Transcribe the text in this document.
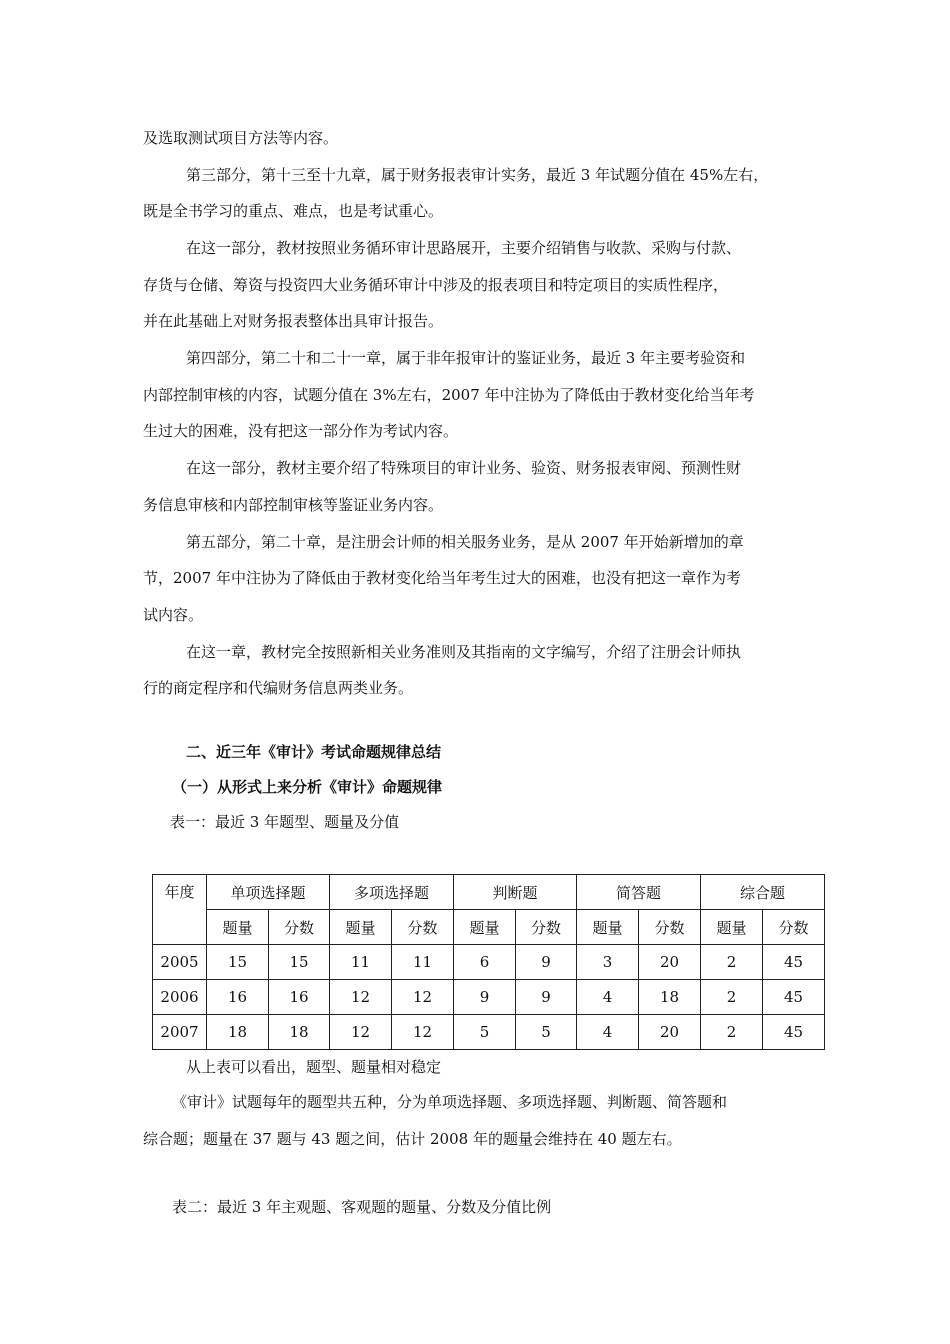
及选取测试项目方法等内容。

第三部分，第十三至十九章，属于财务报表审计实务，最近 3 年试题分值在 45%左右，

既是全书学习的重点、难点，也是考试重心。

在这一部分，教材按照业务循环审计思路展开，主要介绍销售与收款、采购与付款、

存货与仓储、筹资与投资四大业务循环审计中涉及的报表项目和特定项目的实质性程序，

并在此基础上对财务报表整体出具审计报告。

第四部分，第二十和二十一章，属于非年报审计的鉴证业务，最近 3 年主要考验资和

内部控制审核的内容，试题分值在 3%左右，2007 年中注协为了降低由于教材变化给当年考

生过大的困难，没有把这一部分作为考试内容。

在这一部分，教材主要介绍了特殊项目的审计业务、验资、财务报表审阅、预测性财

务信息审核和内部控制审核等鉴证业务内容。

第五部分，第二十章，是注册会计师的相关服务业务，是从 2007 年开始新增加的章

节，2007 年中注协为了降低由于教材变化给当年考生过大的困难，也没有把这一章作为考

试内容。

在这一章，教材完全按照新相关业务准则及其指南的文字编写，介绍了注册会计师执

行的商定程序和代编财务信息两类业务。

二、近三年《审计》考试命题规律总结

（一）从形式上来分析《审计》命题规律

表一：最近 3 年题型、题量及分值

年度	单项选择题		多项选择题		判断题		简答题		综合题	
	题量	分数	题量	分数	题量	分数	题量	分数	题量	分数
2005	15	15	11	11	6	9	3	20	2	45
2006	16	16	12	12	9	9	4	18	2	45
2007	18	18	12	12	5	5	4	20	2	45

从上表可以看出，题型、题量相对稳定

《审计》试题每年的题型共五种，分为单项选择题、多项选择题、判断题、简答题和

综合题；题量在 37 题与 43 题之间，估计 2008 年的题量会维持在 40 题左右。

表二：最近 3 年主观题、客观题的题量、分数及分值比例
